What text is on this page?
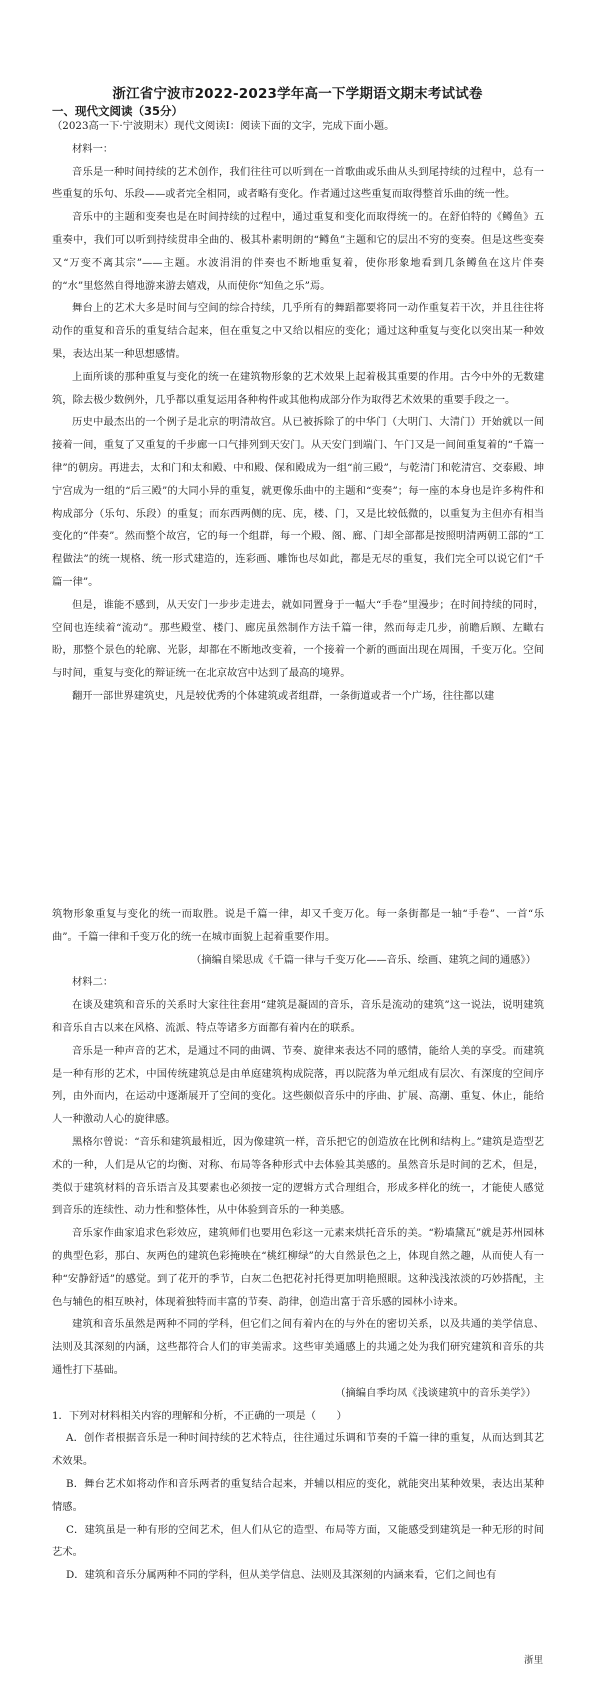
浙江省宁波市2022-2023学年高一下学期语文期末考试试卷
一、现代文阅读（35分）

（2023高一下·宁波期末）现代文阅读Ⅰ：阅读下面的文字，完成下面小题。

材料一：

音乐是一种时间持续的艺术创作，我们往往可以听到在一首歌曲或乐曲从头到尾持续的过程中，总有一些重复的乐句、乐段——或者完全相同，或者略有变化。作者通过这些重复而取得整首乐曲的统一性。

音乐中的主题和变奏也是在时间持续的过程中，通过重复和变化而取得统一的。在舒伯特的《鳟鱼》五重奏中，我们可以听到持续贯串全曲的、极其朴素明朗的“鳟鱼”主题和它的层出不穷的变奏。但是这些变奏又“万变不离其宗”——主题。水波涓涓的伴奏也不断地重复着，使你形象地看到几条鳟鱼在这片伴奏的“水”里悠然自得地游来游去嬉戏，从而使你“知鱼之乐”焉。

舞台上的艺术大多是时间与空间的综合持续，几乎所有的舞蹈都要将同一动作重复若干次，并且往往将动作的重复和音乐的重复结合起来，但在重复之中又给以相应的变化；通过这种重复与变化以突出某一种效果，表达出某一种思想感情。

上面所谈的那种重复与变化的统一在建筑物形象的艺术效果上起着极其重要的作用。古今中外的无数建筑，除去极少数例外，几乎都以重复运用各种构件或其他构成部分作为取得艺术效果的重要手段之一。

历史中最杰出的一个例子是北京的明清故宫。从已被拆除了的中华门（大明门、大清门）开始就以一间接着一间，重复了又重复的千步廊一口气排列到天安门。从天安门到端门、午门又是一间间重复着的“千篇一律”的朝房。再进去，太和门和太和殿、中和殿、保和殿成为一组“前三殿”，与乾清门和乾清宫、交泰殿、坤宁宫成为一组的“后三殿”的大同小异的重复，就更像乐曲中的主题和“变奏”；每一座的本身也是许多构件和构成部分（乐句、乐段）的重复；而东西两侧的庑、庑，楼、门，又是比较低微的，以重复为主但亦有相当变化的“伴奏”。然而整个故宫，它的每一个组群，每一个殿、阁、廊、门却全部都是按照明清两朝工部的“工程做法”的统一规格、统一形式建造的，连彩画、雕饰也尽如此，都是无尽的重复，我们完全可以说它们“千篇一律”。

但是，谁能不感到，从天安门一步步走进去，就如同置身于一幅大“手卷”里漫步；在时间持续的同时，空间也连续着“流动”。那些殿堂、楼门、廊庑虽然制作方法千篇一律，然而每走几步，前瞻后顾、左瞰右盼，那整个景色的轮廓、光影，却都在不断地改变着，一个接着一个新的画面出现在周围，千变万化。空间与时间，重复与变化的辩证统一在北京故宫中达到了最高的境界。

翻开一部世界建筑史，凡是较优秀的个体建筑或者组群，一条街道或者一个广场，往往都以建

筑物形象重复与变化的统一而取胜。说是千篇一律，却又千变万化。每一条街都是一轴“手卷”、一首“乐曲”。千篇一律和千变万化的统一在城市面貌上起着重要作用。

（摘编自梁思成《千篇一律与千变万化——音乐、绘画、建筑之间的通感》）

材料二：

在谈及建筑和音乐的关系时大家往往套用“建筑是凝固的音乐，音乐是流动的建筑”这一说法，说明建筑和音乐自古以来在风格、流派、特点等诸多方面都有着内在的联系。

音乐是一种声音的艺术，是通过不同的曲调、节奏、旋律来表达不同的感情，能给人美的享受。而建筑是一种有形的艺术，中国传统建筑总是由单庭建筑构成院落，再以院落为单元组成有层次、有深度的空间序列，由外而内，在运动中逐渐展开了空间的变化。这些颇似音乐中的序曲、扩展、高潮、重复、休止，能给人一种激动人心的旋律感。

黑格尔曾说：“音乐和建筑最相近，因为像建筑一样，音乐把它的创造放在比例和结构上。”建筑是造型艺术的一种，人们是从它的均衡、对称、布局等各种形式中去体验其美感的。虽然音乐是时间的艺术，但是，类似于建筑材料的音乐语言及其要素也必须按一定的逻辑方式合理组合，形成多样化的统一，才能使人感觉到音乐的连续性、动力性和整体性，从中体验到音乐的一种美感。

音乐家作曲家追求色彩效应，建筑师们也要用色彩这一元素来烘托音乐的美。“粉墙黛瓦”就是苏州园林的典型色彩，那白、灰两色的建筑色彩掩映在“桃红柳绿”的大自然景色之上，体现自然之趣，从而使人有一种“安静舒适”的感觉。到了花开的季节，白灰二色把花衬托得更加明艳照眼。这种浅浅浓淡的巧妙搭配，主色与辅色的相互映衬，体现着独特而丰富的节奏、韵律，创造出富于音乐感的园林小诗来。

建筑和音乐虽然是两种不同的学科，但它们之间有着内在的与外在的密切关系，以及共通的美学信息、法则及其深刻的内涵，这些都符合人们的审美需求。这些审美通感上的共通之处为我们研究建筑和音乐的共通性打下基础。

（摘编自季均凤《浅谈建筑中的音乐美学》）

1．下列对材料相关内容的理解和分析，不正确的一项是（　　）

A．创作者根据音乐是一种时间持续的艺术特点，往往通过乐调和节奏的千篇一律的重复，从而达到其艺术效果。

B．舞台艺术如将动作和音乐两者的重复结合起来，并辅以相应的变化，就能突出某种效果，表达出某种情感。

C．建筑虽是一种有形的空间艺术，但人们从它的造型、布局等方面，又能感受到建筑是一种无形的时间艺术。

D．建筑和音乐分属两种不同的学科，但从美学信息、法则及其深刻的内涵来看，它们之间也有

浙里
